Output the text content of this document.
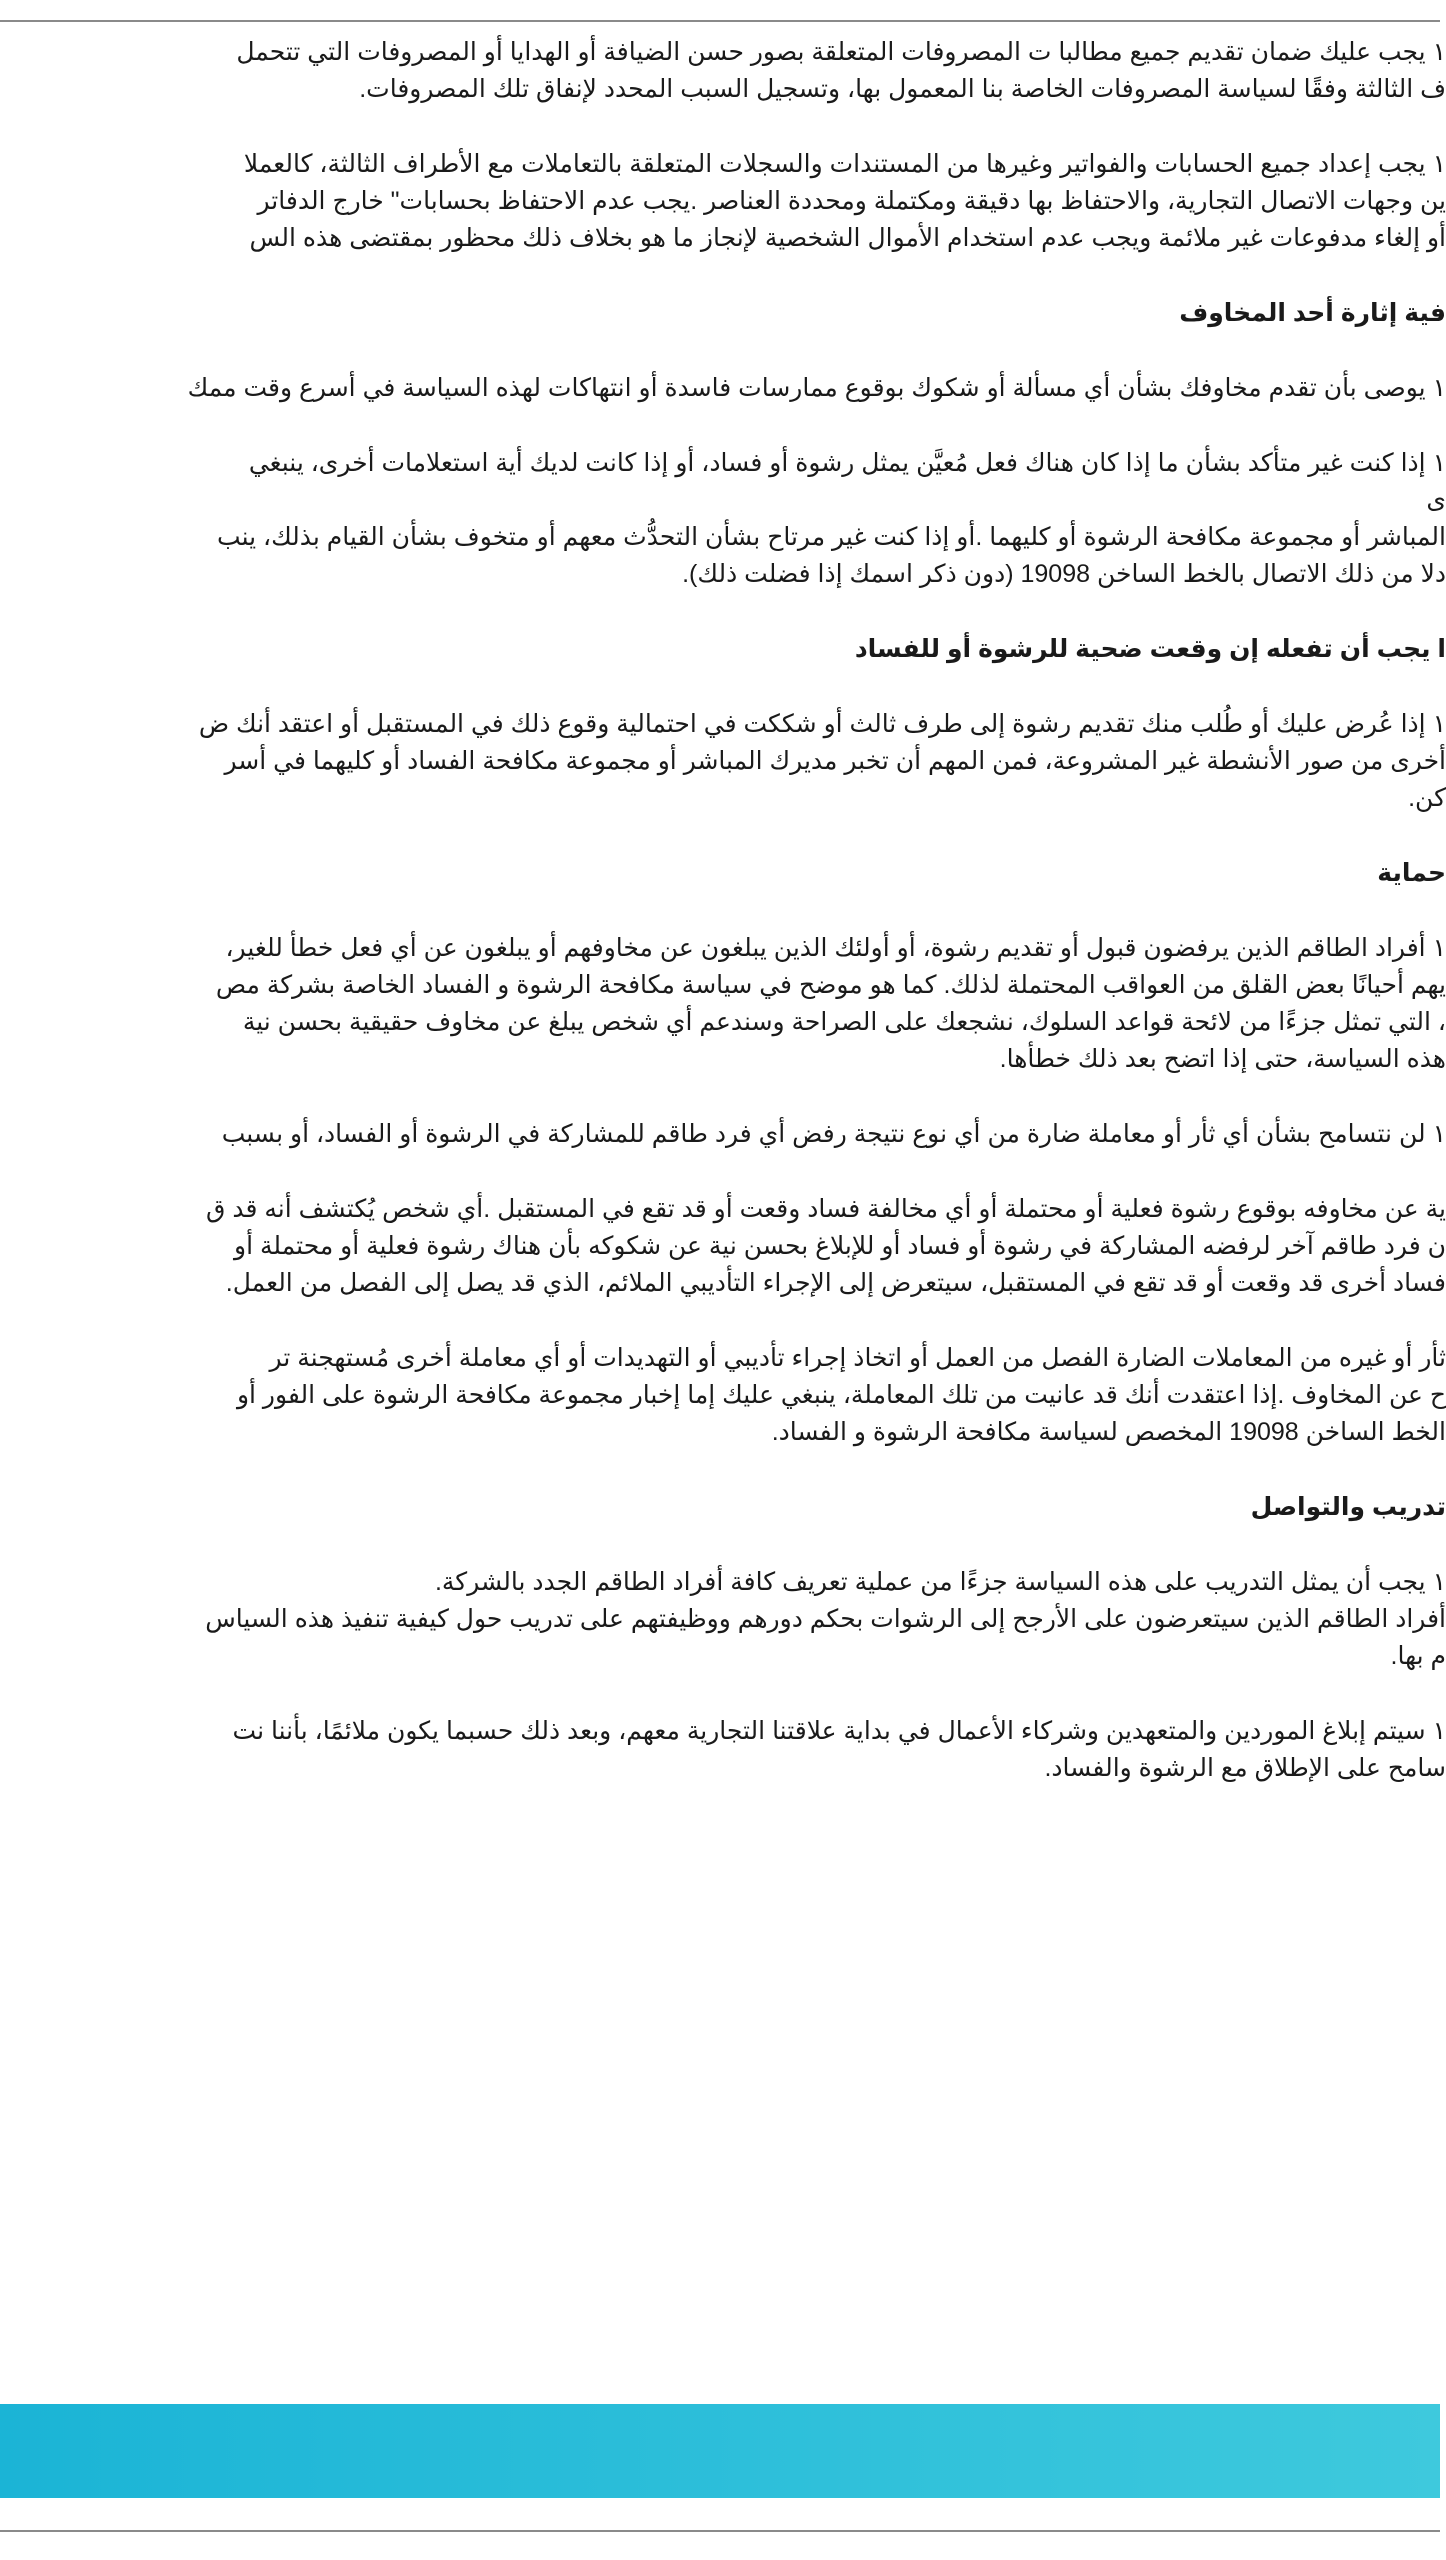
١ يجب عليك ضمان تقديم جميع مطالبا ت المصروفات المتعلقة بصور حسن الضيافة أو الهدايا أو المصروفات التي تتحمل
ف الثالثة وفقًا لسياسة المصروفات الخاصة بنا المعمول بها، وتسجيل السبب المحدد لإنفاق تلك المصروفات.
١ يجب إعداد جميع الحسابات والفواتير وغيرها من المستندات والسجلات المتعلقة بالتعاملات مع الأطراف الثالثة، كالعملا
ين وجهات الاتصال التجارية، والاحتفاظ بها دقيقة ومكتملة ومحددة العناصر .يجب عدم الاحتفاظ بحسابات" خارج الدفاتر
أو إلغاء مدفوعات غير ملائمة ويجب عدم استخدام الأموال الشخصية لإنجاز ما هو بخلاف ذلك محظور بمقتضى هذه الس
فية إثارة أحد المخاوف
١ يوصى بأن تقدم مخاوفك بشأن أي مسألة أو شكوك بوقوع ممارسات فاسدة أو انتهاكات لهذه السياسة في أسرع وقت ممك
١ إذا كنت غير متأكد بشأن ما إذا كان هناك فعل مُعيَّن يمثل رشوة أو فساد، أو إذا كانت لديك أية استعلامات أخرى، ينبغي
ى
المباشر أو مجموعة مكافحة الرشوة أو كليهما .أو إذا كنت غير مرتاح بشأن التحدُّث معهم أو متخوف بشأن القيام بذلك، ينب
دلا من ذلك الاتصال بالخط الساخن 19098 (دون ذكر اسمك إذا فضلت ذلك).
ا يجب أن تفعله إن وقعت ضحية للرشوة أو للفساد
١ إذا عُرض عليك أو طُلب منك تقديم رشوة إلى طرف ثالث أو شككت في احتمالية وقوع ذلك في المستقبل أو اعتقد أنك ض
أخرى من صور الأنشطة غير المشروعة، فمن المهم أن تخبر مديرك المباشر أو مجموعة مكافحة الفساد أو كليهما في أسر
كن.
حماية
١ أفراد الطاقم الذين يرفضون قبول أو تقديم رشوة، أو أولئك الذين يبلغون عن مخاوفهم أو يبلغون عن أي فعل خطأ للغير،
يهم أحيانًا بعض القلق من العواقب المحتملة لذلك. كما هو موضح في سياسة مكافحة الرشوة و الفساد الخاصة بشركة مص
، التي تمثل جزءًا من لائحة قواعد السلوك، نشجعك على الصراحة وسندعم أي شخص يبلغ عن مخاوف حقيقية بحسن نية
هذه السياسة، حتى إذا اتضح بعد ذلك خطأها.
١ لن نتسامح بشأن أي ثأر أو معاملة ضارة من أي نوع نتيجة رفض أي فرد طاقم للمشاركة في الرشوة أو الفساد، أو بسبب
ية عن مخاوفه بوقوع رشوة فعلية أو محتملة أو أي مخالفة فساد وقعت أو قد تقع في المستقبل .أي شخص يُكتشف أنه قد ق
ن فرد طاقم آخر لرفضه المشاركة في رشوة أو فساد أو للإبلاغ بحسن نية عن شكوكه بأن هناك رشوة فعلية أو محتملة أو
فساد أخرى قد وقعت أو قد تقع في المستقبل، سيتعرض إلى الإجراء التأديبي الملائم، الذي قد يصل إلى الفصل من العمل.
ثأر أو غيره من المعاملات الضارة الفصل من العمل أو اتخاذ إجراء تأديبي أو التهديدات أو أي معاملة أخرى مُستهجنة تر
ح عن المخاوف .إذا اعتقدت أنك قد عانيت من تلك المعاملة، ينبغي عليك إما إخبار مجموعة مكافحة الرشوة على الفور أو
الخط الساخن 19098 المخصص لسياسة مكافحة الرشوة و الفساد.
تدريب والتواصل
١ يجب أن يمثل التدريب على هذه السياسة جزءًا من عملية تعريف كافة أفراد الطاقم الجدد بالشركة.
أفراد الطاقم الذين سيتعرضون على الأرجح إلى الرشوات بحكم دورهم ووظيفتهم على تدريب حول كيفية تنفيذ هذه السياس
م بها.
١ سيتم إبلاغ الموردين والمتعهدين وشركاء الأعمال في بداية علاقتنا التجارية معهم، وبعد ذلك حسبما يكون ملائمًا، بأننا نت
سامح على الإطلاق مع الرشوة والفساد.
